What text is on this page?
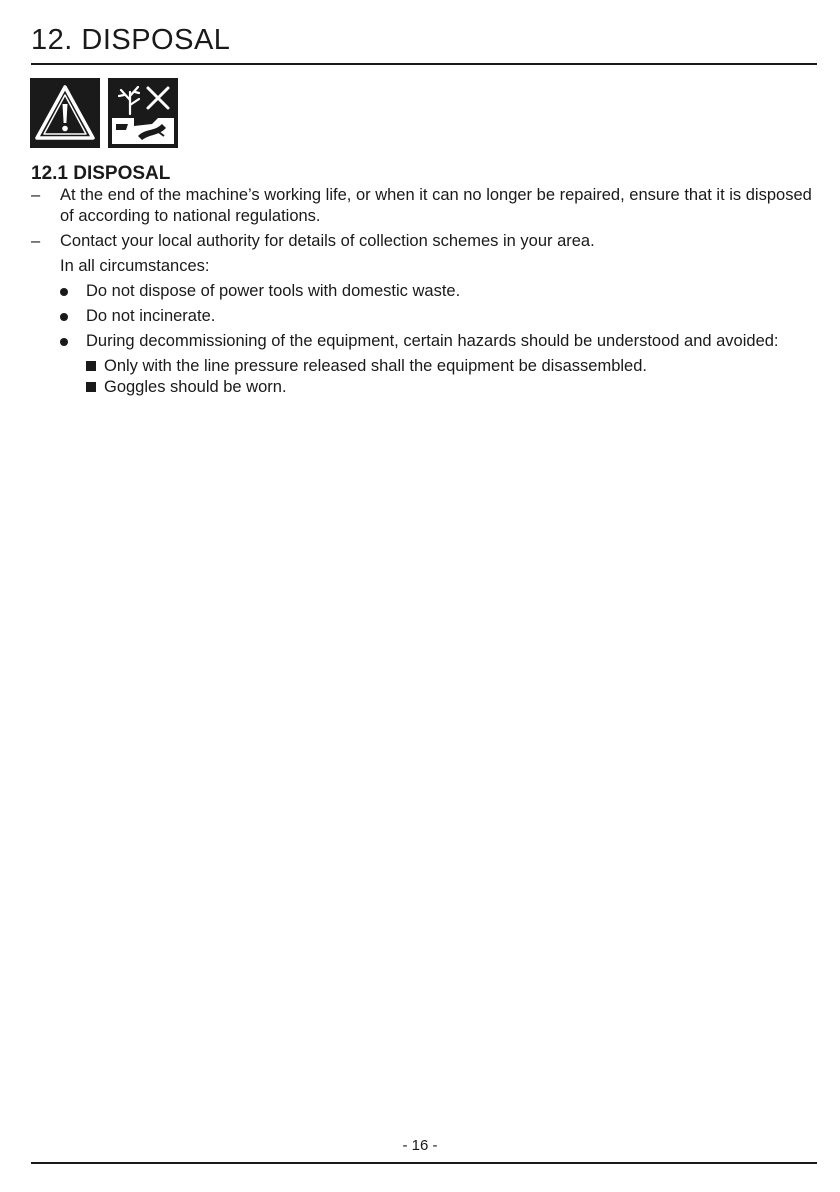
12. DISPOSAL
12.1 DISPOSAL
– At the end of the machine’s working life, or when it can no longer be repaired, ensure that it is disposed of according to national regulations.
– Contact your local authority for details of collection schemes in your area.
In all circumstances:
Do not dispose of power tools with domestic waste.
Do not incinerate.
During decommissioning of the equipment, certain hazards should be understood and avoided:
Only with the line pressure released shall the equipment be disassembled.
Goggles should be worn.
- 16 -
